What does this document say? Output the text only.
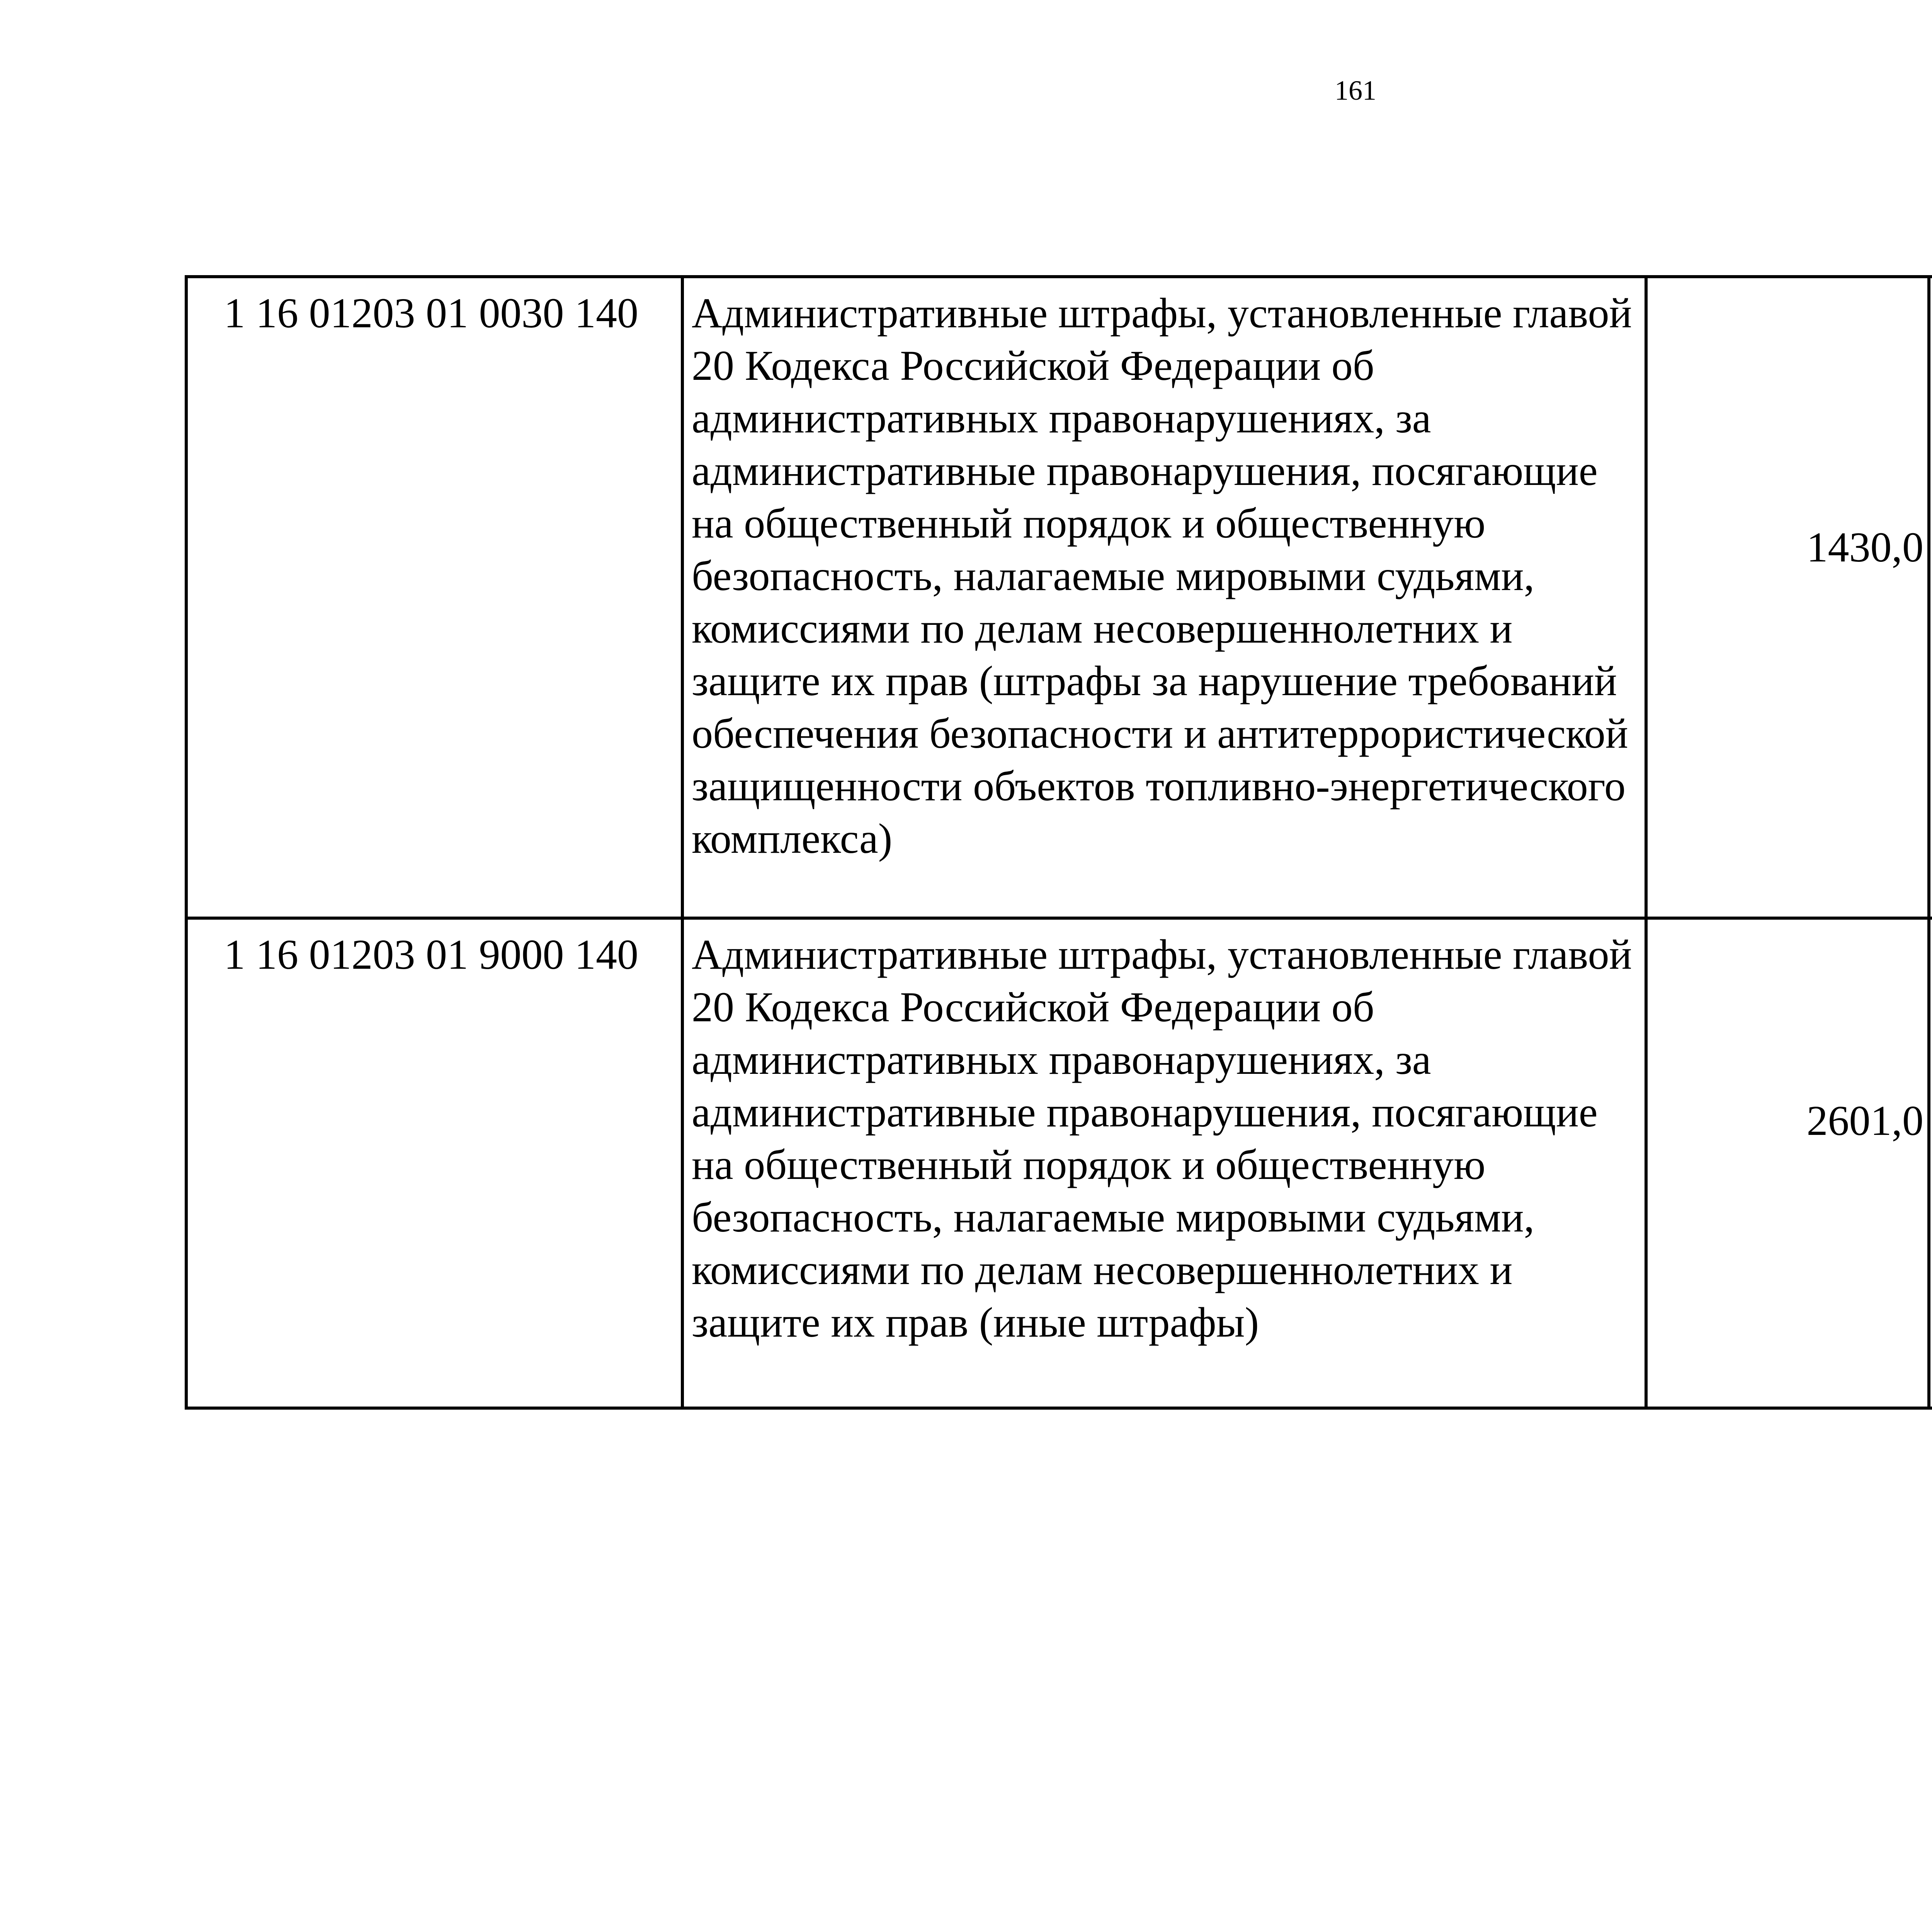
161
1 16 01203 01 0030 140	Административные штрафы, установленные главой 20 Кодекса Российской Федерации об административных правонарушениях, за административные правонарушения, посягающие на общественный порядок и общественную безопасность, налагаемые мировыми судьями, комиссиями по делам несовершеннолетних и защите их прав (штрафы за нарушение требований обеспечения безопасности и антитеррористической защищенности объектов топливно-энергетического комплекса)	1430,0		
1 16 01203 01 9000 140	Административные штрафы, установленные главой 20 Кодекса Российской Федерации об административных правонарушениях, за административные правонарушения, посягающие на общественный порядок и общественную безопасность, налагаемые мировыми судьями, комиссиями по делам несовершеннолетних и защите их прав (иные штрафы)	2601,0		
